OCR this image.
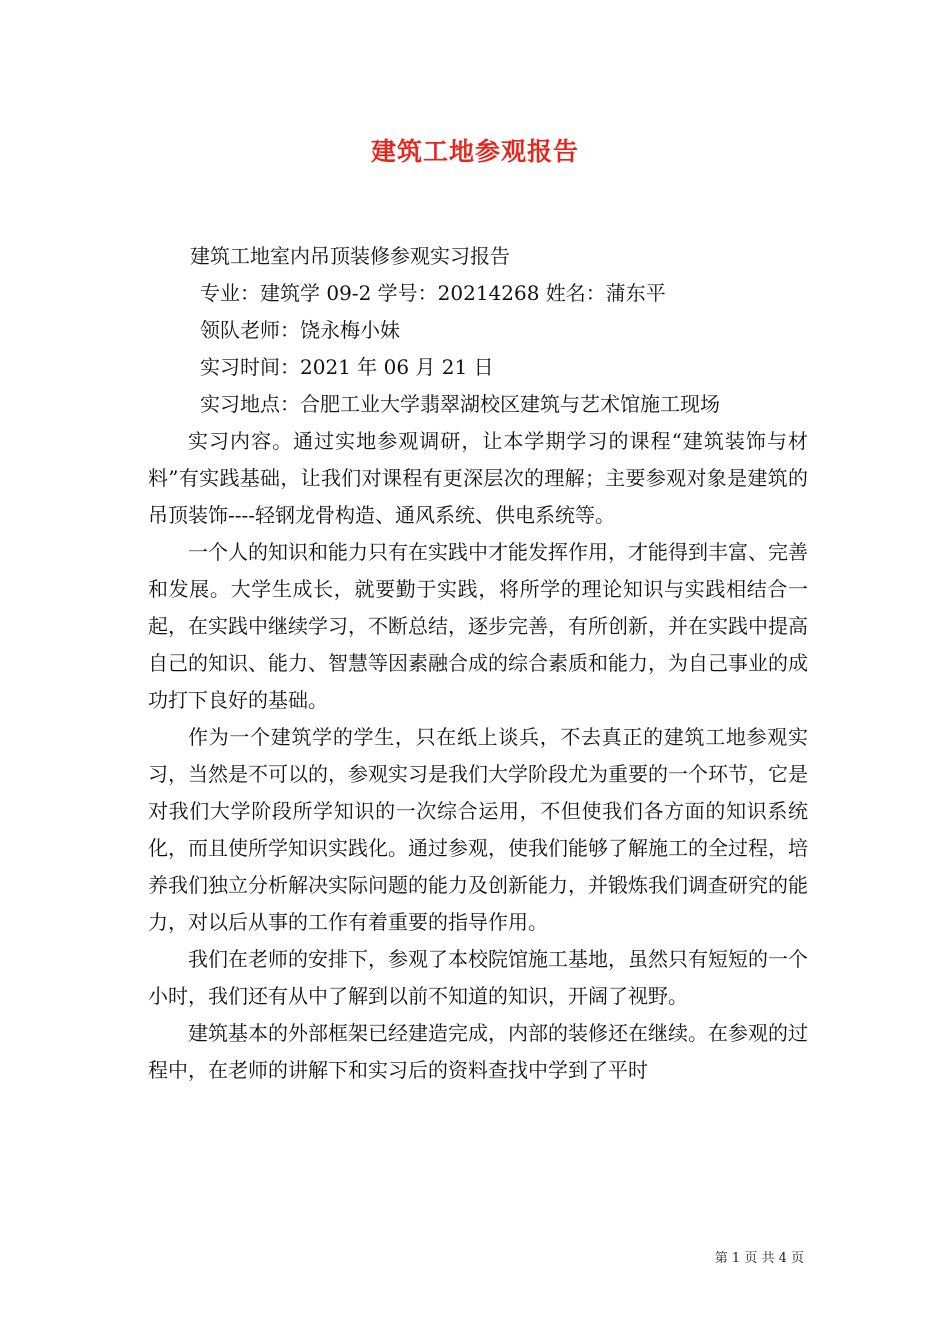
建筑工地参观报告

建筑工地室内吊顶装修参观实习报告

专业：建筑学 09-2 学号：20214268 姓名：蒲东平

领队老师：饶永梅小妹

实习时间：2021 年 06 月 21 日

实习地点：合肥工业大学翡翠湖校区建筑与艺术馆施工现场

实习内容。通过实地参观调研，让本学期学习的课程“建筑装饰与材料”有实践基础，让我们对课程有更深层次的理解；主要参观对象是建筑的吊顶装饰----轻钢龙骨构造、通风系统、供电系统等。

一个人的知识和能力只有在实践中才能发挥作用，才能得到丰富、完善和发展。大学生成长，就要勤于实践，将所学的理论知识与实践相结合一起，在实践中继续学习，不断总结，逐步完善，有所创新，并在实践中提高自己的知识、能力、智慧等因素融合成的综合素质和能力，为自己事业的成功打下良好的基础。

作为一个建筑学的学生，只在纸上谈兵，不去真正的建筑工地参观实习，当然是不可以的，参观实习是我们大学阶段尤为重要的一个环节，它是对我们大学阶段所学知识的一次综合运用，不但使我们各方面的知识系统化，而且使所学知识实践化。通过参观，使我们能够了解施工的全过程，培养我们独立分析解决实际问题的能力及创新能力，并锻炼我们调查研究的能力，对以后从事的工作有着重要的指导作用。

我们在老师的安排下，参观了本校院馆施工基地，虽然只有短短的一个小时，我们还有从中了解到以前不知道的知识，开阔了视野。

建筑基本的外部框架已经建造完成，内部的装修还在继续。在参观的过程中，在老师的讲解下和实习后的资料查找中学到了平时

第 1 页 共 4 页
